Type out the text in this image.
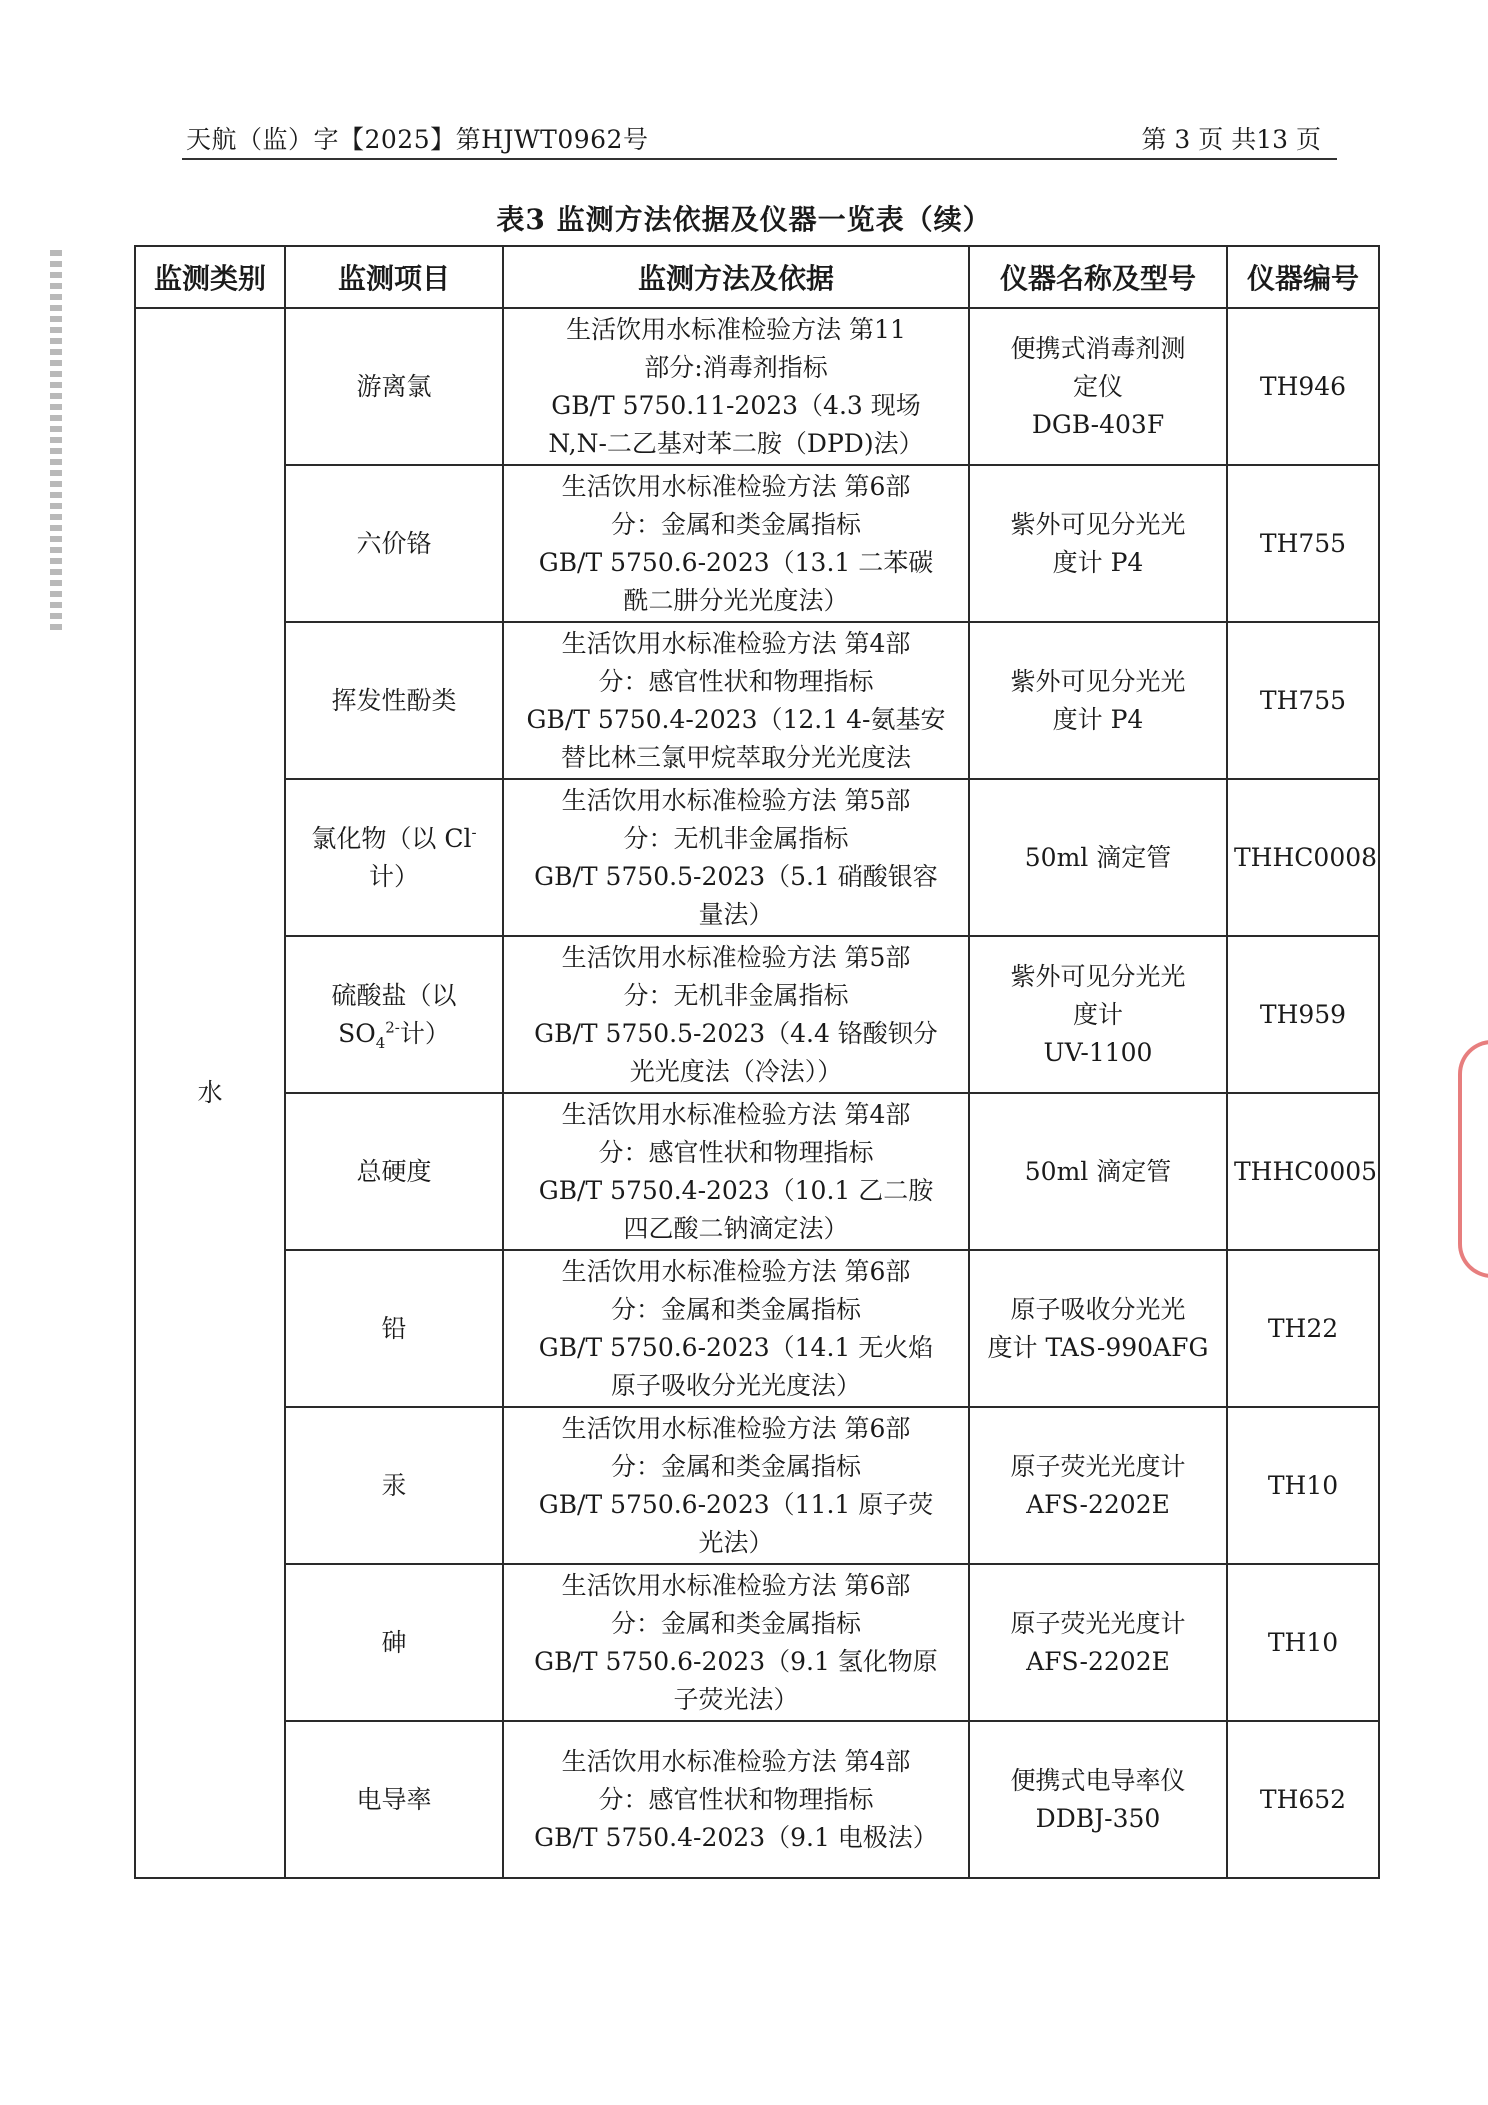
天航（监）字【2025】第HJWT0962号	第 3 页 共13 页
表3 监测方法依据及仪器一览表（续）
监测类别	监测项目	监测方法及依据	仪器名称及型号	仪器编号
水	游离氯	生活饮用水标准检验方法 第11
部分:消毒剂指标
GB/T 5750.11-2023（4.3 现场
N,N-二乙基对苯二胺（DPD)法）	便携式消毒剂测
定仪
DGB-403F	TH946

	六价铬	生活饮用水标准检验方法 第6部
分：金属和类金属指标
GB/T 5750.6-2023（13.1 二苯碳
酰二肼分光光度法）	紫外可见分光光
度计 P4	TH755

	挥发性酚类	生活饮用水标准检验方法 第4部
分：感官性状和物理指标
GB/T 5750.4-2023（12.1 4-氨基安
替比林三氯甲烷萃取分光光度法	紫外可见分光光
度计 P4	TH755

	氯化物（以 Cl-
计）	生活饮用水标准检验方法 第5部
分：无机非金属指标
GB/T 5750.5-2023（5.1 硝酸银容
量法）	50ml 滴定管	THHC0008

	硫酸盐（以
$SO_4^{2-}$计）	生活饮用水标准检验方法 第5部
分：无机非金属指标
GB/T 5750.5-2023（4.4 铬酸钡分
光光度法（冷法））	紫外可见分光光
度计
UV-1100	TH959

	总硬度	生活饮用水标准检验方法 第4部
分：感官性状和物理指标
GB/T 5750.4-2023（10.1 乙二胺
四乙酸二钠滴定法）	50ml 滴定管	THHC0005

	铅	生活饮用水标准检验方法 第6部
分：金属和类金属指标
GB/T 5750.6-2023（14.1 无火焰
原子吸收分光光度法）	原子吸收分光光
度计 TAS-990AFG	TH22

	汞	生活饮用水标准检验方法 第6部
分：金属和类金属指标
GB/T 5750.6-2023（11.1 原子荧
光法）	原子荧光光度计
AFS-2202E	TH10

	砷	生活饮用水标准检验方法 第6部
分：金属和类金属指标
GB/T 5750.6-2023（9.1 氢化物原
子荧光法）	原子荧光光度计
AFS-2202E	TH10

	电导率	生活饮用水标准检验方法 第4部
分：感官性状和物理指标
GB/T 5750.4-2023（9.1 电极法）	便携式电导率仪
DDBJ-350	TH652
